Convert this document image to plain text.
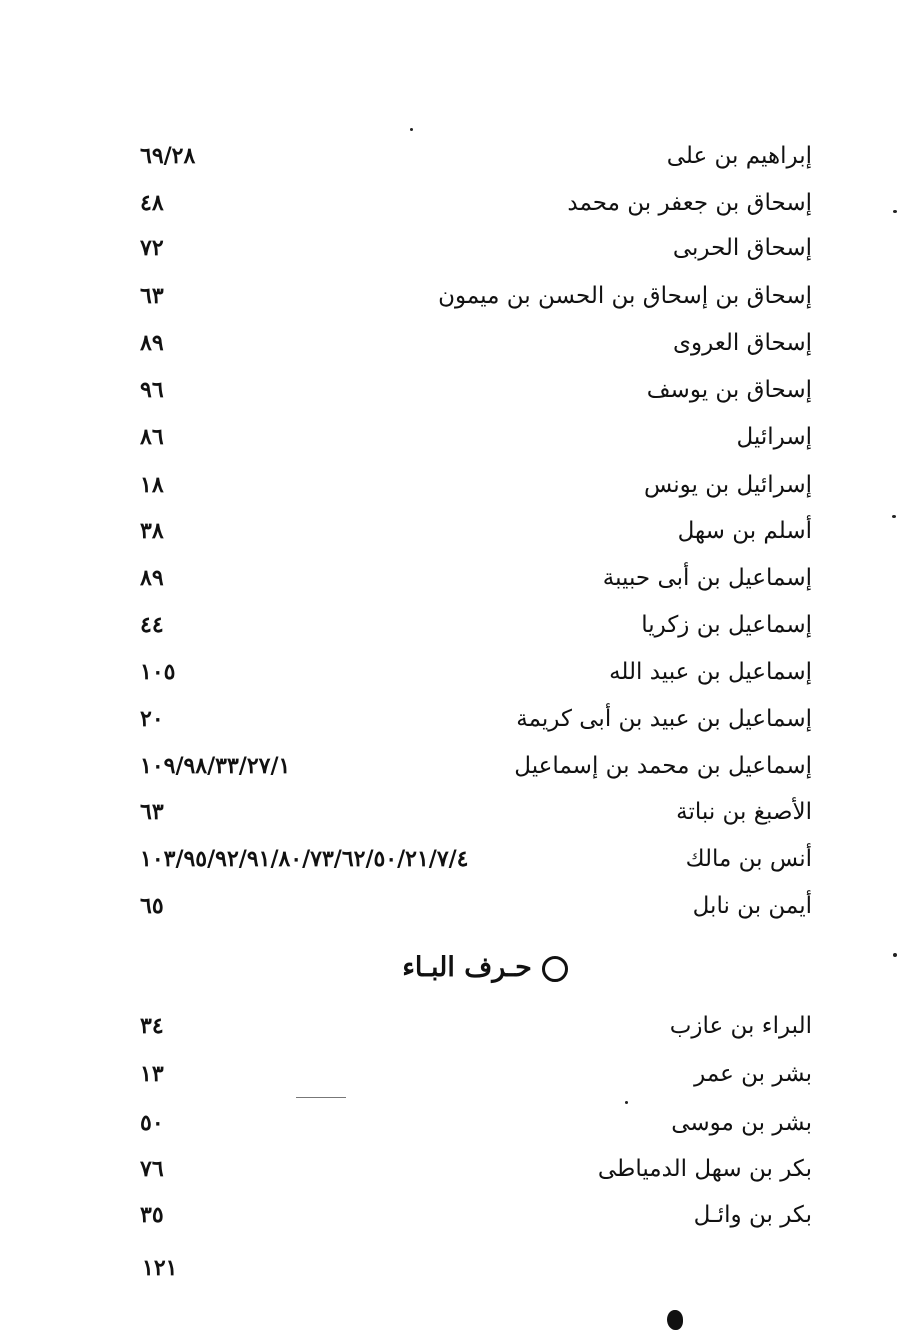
إبراهيم بن على
٦٩/٢٨
إسحاق بن جعفر بن محمد
٤٨
إسحاق الحربى
٧٢
إسحاق بن إسحاق بن الحسن بن ميمون
٦٣
إسحاق العروى
٨٩
إسحاق بن يوسف
٩٦
إسرائيل
٨٦
إسرائيل بن يونس
١٨
أسلم بن سهل
٣٨
إسماعيل بن أبى حبيبة
٨٩
إسماعيل بن زكريا
٤٤
إسماعيل بن عبيد الله
١٠٥
إسماعيل بن عبيد بن أبى كريمة
٢٠
إسماعيل بن محمد بن إسماعيل
١٠٩/٩٨/٣٣/٢٧/١
الأصبغ بن نباتة
٦٣
أنس بن مالك
١٠٣/٩٥/٩٢/٩١/٨٠/٧٣/٦٢/٥٠/٢١/٧/٤
أيمن بن نابل
٦٥
حـرف البـاء
البراء بن عازب
٣٤
بشر بن عمر
١٣
بشر بن موسى
٥٠
بكر بن سهل الدمياطى
٧٦
بكر بن وائـل
٣٥
١٢١
